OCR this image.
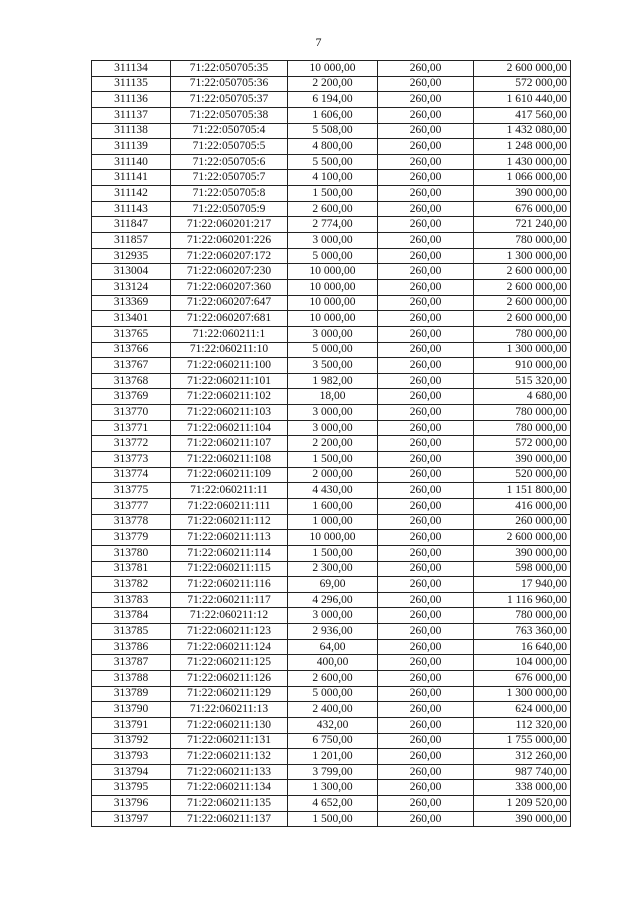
7
311134	71:22:050705:35	10 000,00	260,00	2 600 000,00
311135	71:22:050705:36	2 200,00	260,00	572 000,00
311136	71:22:050705:37	6 194,00	260,00	1 610 440,00
311137	71:22:050705:38	1 606,00	260,00	417 560,00
311138	71:22:050705:4	5 508,00	260,00	1 432 080,00
311139	71:22:050705:5	4 800,00	260,00	1 248 000,00
311140	71:22:050705:6	5 500,00	260,00	1 430 000,00
311141	71:22:050705:7	4 100,00	260,00	1 066 000,00
311142	71:22:050705:8	1 500,00	260,00	390 000,00
311143	71:22:050705:9	2 600,00	260,00	676 000,00
311847	71:22:060201:217	2 774,00	260,00	721 240,00
311857	71:22:060201:226	3 000,00	260,00	780 000,00
312935	71:22:060207:172	5 000,00	260,00	1 300 000,00
313004	71:22:060207:230	10 000,00	260,00	2 600 000,00
313124	71:22:060207:360	10 000,00	260,00	2 600 000,00
313369	71:22:060207:647	10 000,00	260,00	2 600 000,00
313401	71:22:060207:681	10 000,00	260,00	2 600 000,00
313765	71:22:060211:1	3 000,00	260,00	780 000,00
313766	71:22:060211:10	5 000,00	260,00	1 300 000,00
313767	71:22:060211:100	3 500,00	260,00	910 000,00
313768	71:22:060211:101	1 982,00	260,00	515 320,00
313769	71:22:060211:102	18,00	260,00	4 680,00
313770	71:22:060211:103	3 000,00	260,00	780 000,00
313771	71:22:060211:104	3 000,00	260,00	780 000,00
313772	71:22:060211:107	2 200,00	260,00	572 000,00
313773	71:22:060211:108	1 500,00	260,00	390 000,00
313774	71:22:060211:109	2 000,00	260,00	520 000,00
313775	71:22:060211:11	4 430,00	260,00	1 151 800,00
313777	71:22:060211:111	1 600,00	260,00	416 000,00
313778	71:22:060211:112	1 000,00	260,00	260 000,00
313779	71:22:060211:113	10 000,00	260,00	2 600 000,00
313780	71:22:060211:114	1 500,00	260,00	390 000,00
313781	71:22:060211:115	2 300,00	260,00	598 000,00
313782	71:22:060211:116	69,00	260,00	17 940,00
313783	71:22:060211:117	4 296,00	260,00	1 116 960,00
313784	71:22:060211:12	3 000,00	260,00	780 000,00
313785	71:22:060211:123	2 936,00	260,00	763 360,00
313786	71:22:060211:124	64,00	260,00	16 640,00
313787	71:22:060211:125	400,00	260,00	104 000,00
313788	71:22:060211:126	2 600,00	260,00	676 000,00
313789	71:22:060211:129	5 000,00	260,00	1 300 000,00
313790	71:22:060211:13	2 400,00	260,00	624 000,00
313791	71:22:060211:130	432,00	260,00	112 320,00
313792	71:22:060211:131	6 750,00	260,00	1 755 000,00
313793	71:22:060211:132	1 201,00	260,00	312 260,00
313794	71:22:060211:133	3 799,00	260,00	987 740,00
313795	71:22:060211:134	1 300,00	260,00	338 000,00
313796	71:22:060211:135	4 652,00	260,00	1 209 520,00
313797	71:22:060211:137	1 500,00	260,00	390 000,00
